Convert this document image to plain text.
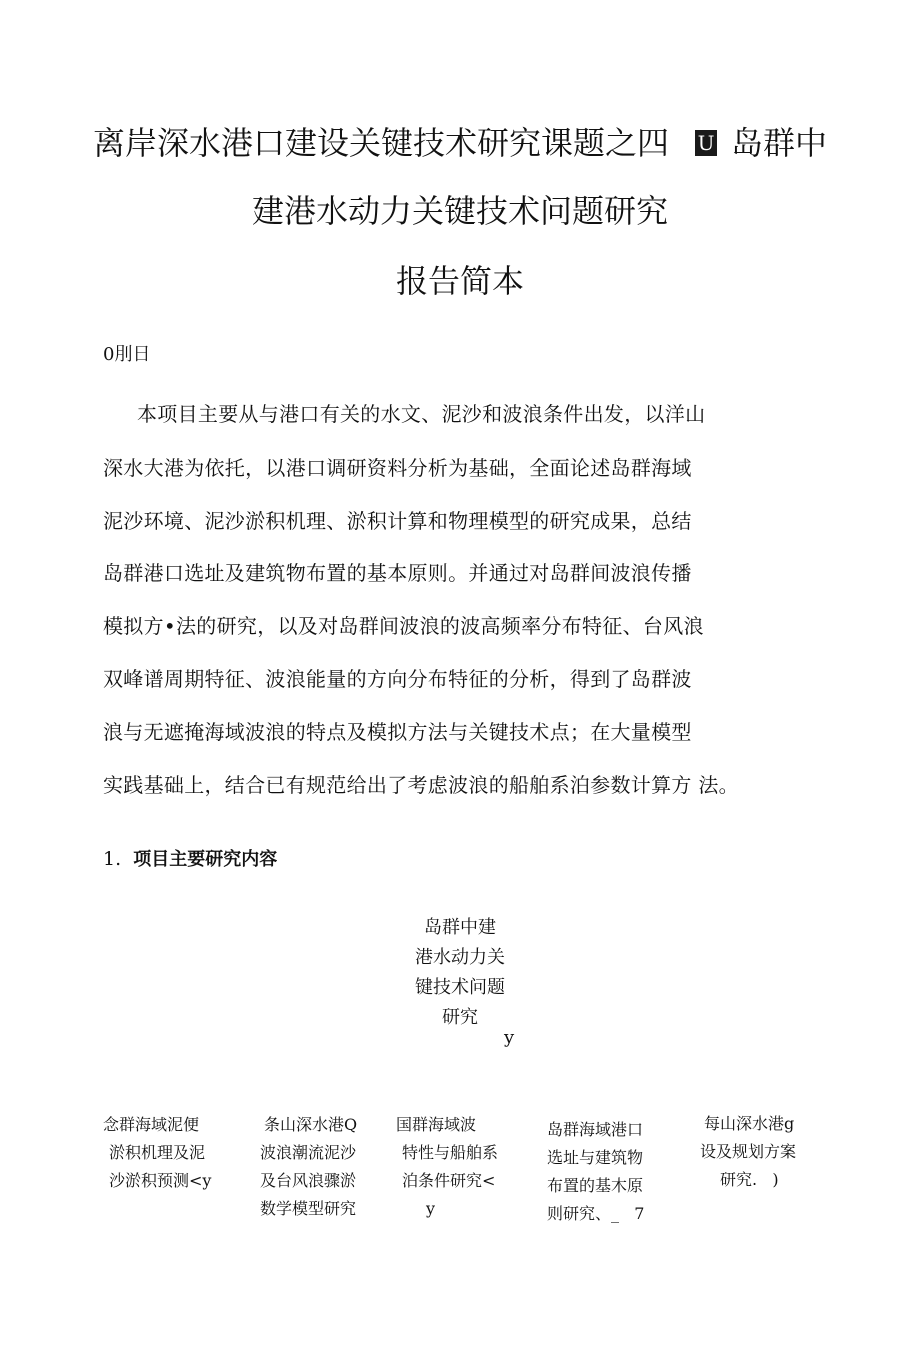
离岸深水港口建设关键技术研究课题之四 U 岛群中
建港水动力关键技术问题研究
报告简本
0刖日
本项目主要从与港口有关的水文、泥沙和波浪条件出发，以洋山
深水大港为依托，以港口调研资料分析为基础，全面论述岛群海域
泥沙环境、泥沙淤积机理、淤积计算和物理模型的研究成果，总结
岛群港口选址及建筑物布置的基本原则。并通过对岛群间波浪传播
模拟方•法的研究，以及对岛群间波浪的波高频率分布特征、台风浪
双峰谱周期特征、波浪能量的方向分布特征的分析，得到了岛群波
浪与无遮掩海域波浪的特点及模拟方法与关键技术点；在大量模型
实践基础上，结合已有规范给出了考虑波浪的船舶系泊参数计算方 法。
1. 项目主要研究内容
岛群中建
港水动力关
键技术问题
研究
y
念群海域泥便
淤积机理及泥
沙淤积预测<y
条山深水港Q
波浪潮流泥沙
及台风浪骤淤
数学模型研究
国群海域波
特性与船舶系
泊条件研究<
y
岛群海域港口
选址与建筑物
布置的基木原
则研究、_   7
每山深水港g
设及规划方案
研究.   )
